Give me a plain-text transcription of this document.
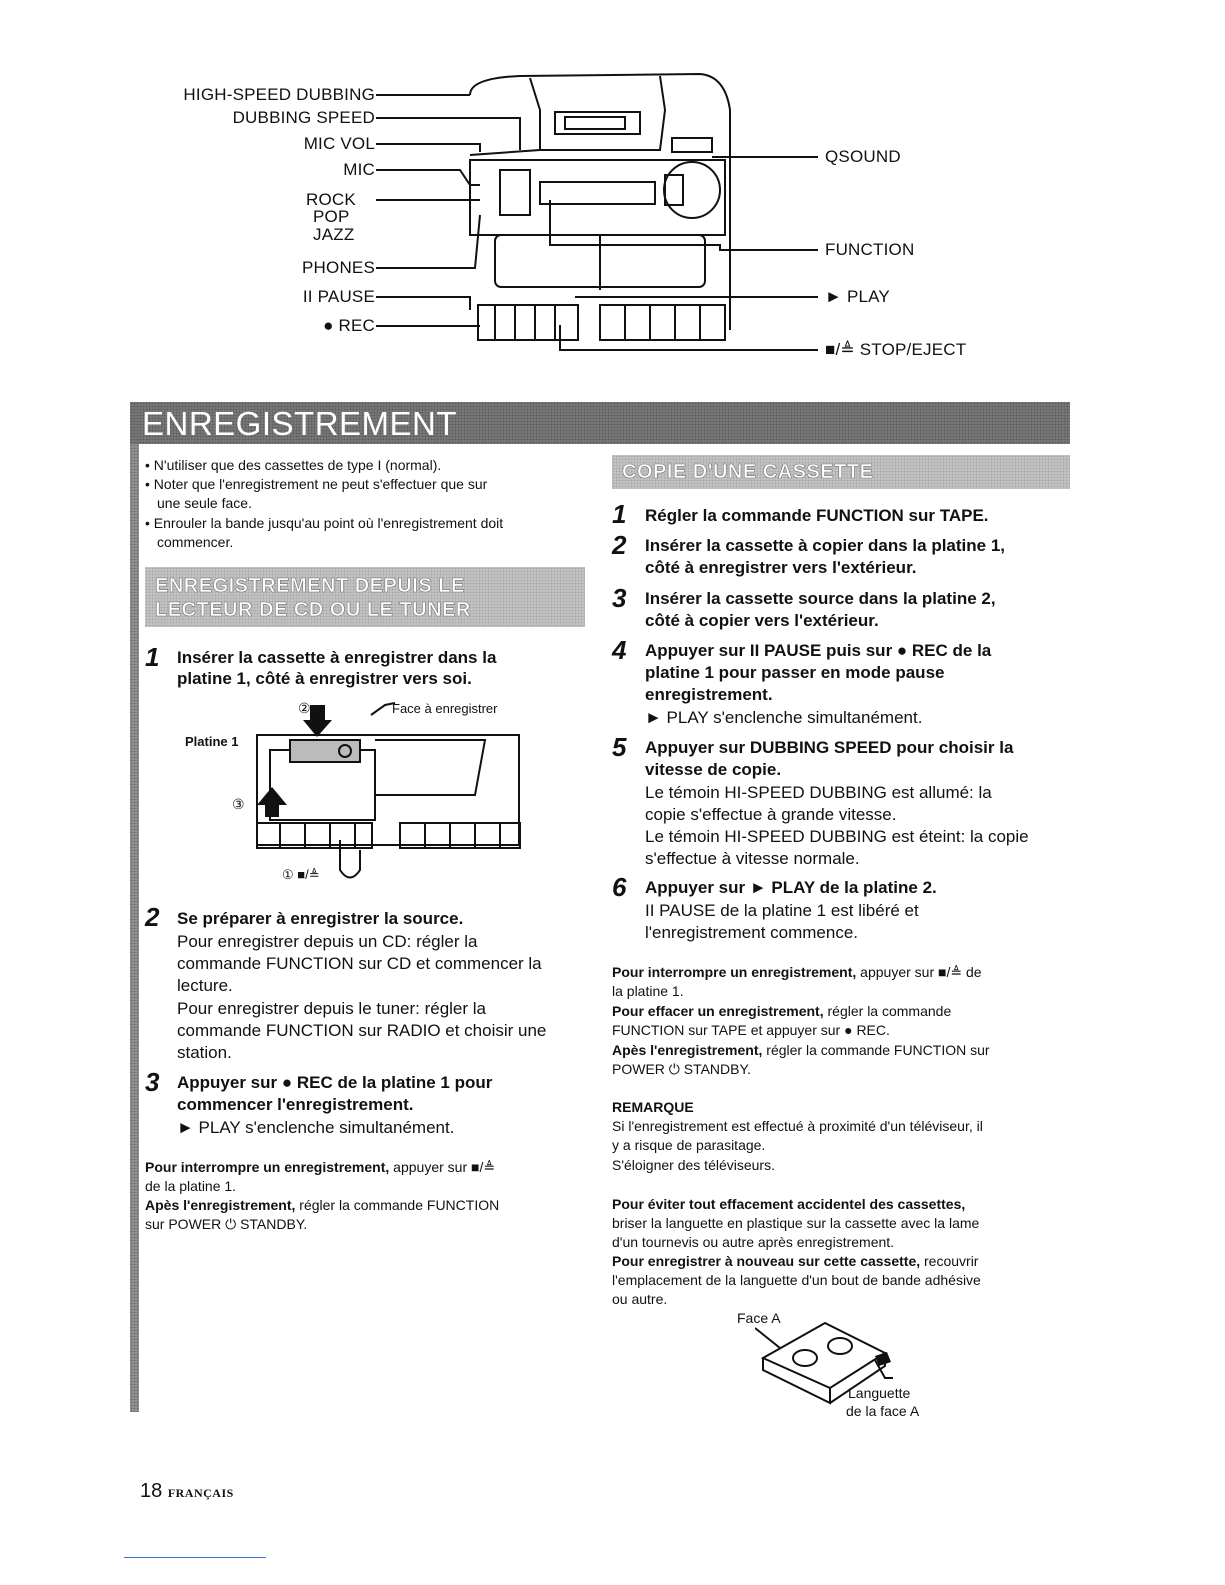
HIGH-SPEED DUBBING
DUBBING SPEED
MIC VOL
MIC
ROCK
POP
JAZZ
PHONES
II PAUSE
● REC
QSOUND
FUNCTION
► PLAY
■/≜ STOP/EJECT
ENREGISTREMENT
• N'utiliser que des cassettes de type I (normal).
• Noter que l'enregistrement ne peut s'effectuer que sur
une seule face.
• Enrouler la bande jusqu'au point où l'enregistrement doit
commencer.
ENREGISTREMENT DEPUIS LE
LECTEUR DE CD OU LE TUNER
1 Insérer la cassette à enregistrer dans la
platine 1, côté à enregistrer vers soi.
Face à enregistrer
Platine 1
②
③
① ■/≜
2 Se préparer à enregistrer la source.
Pour enregistrer depuis un CD: régler la
commande FUNCTION sur CD et commencer la
lecture.
Pour enregistrer depuis le tuner: régler la
commande FUNCTION sur RADIO et choisir une
station.
3 Appuyer sur ● REC de la platine 1 pour
commencer l'enregistrement.
► PLAY s'enclenche simultanément.
Pour interrompre un enregistrement, appuyer sur ■/≜
de la platine 1.
Apès l'enregistrement, régler la commande FUNCTION
sur POWER ⏻ STANDBY.
COPIE D'UNE CASSETTE
1 Régler la commande FUNCTION sur TAPE.
2 Insérer la cassette à copier dans la platine 1,
côté à enregistrer vers l'extérieur.
3 Insérer la cassette source dans la platine 2,
côté à copier vers l'extérieur.
4 Appuyer sur II PAUSE puis sur ● REC de la
platine 1 pour passer en mode pause
enregistrement.
► PLAY s'enclenche simultanément.
5 Appuyer sur DUBBING SPEED pour choisir la
vitesse de copie.
Le témoin HI-SPEED DUBBING est allumé: la
copie s'effectue à grande vitesse.
Le témoin HI-SPEED DUBBING est éteint: la copie
s'effectue à vitesse normale.
6 Appuyer sur ► PLAY de la platine 2.
II PAUSE de la platine 1 est libéré et
l'enregistrement commence.
Pour interrompre un enregistrement, appuyer sur ■/≜ de
la platine 1.
Pour effacer un enregistrement, régler la commande
FUNCTION sur TAPE et appuyer sur ● REC.
Apès l'enregistrement, régler la commande FUNCTION sur
POWER ⏻ STANDBY.
REMARQUE
Si l'enregistrement est effectué à proximité d'un téléviseur, il
y a risque de parasitage.
S'éloigner des téléviseurs.
Pour éviter tout effacement accidentel des cassettes,
briser la languette en plastique sur la cassette avec la lame
d'un tournevis ou autre après enregistrement.
Pour enregistrer à nouveau sur cette cassette, recouvrir
l'emplacement de la languette d'un bout de bande adhésive
ou autre.
Face A
Languette
de la face A
18 FRANÇAIS
